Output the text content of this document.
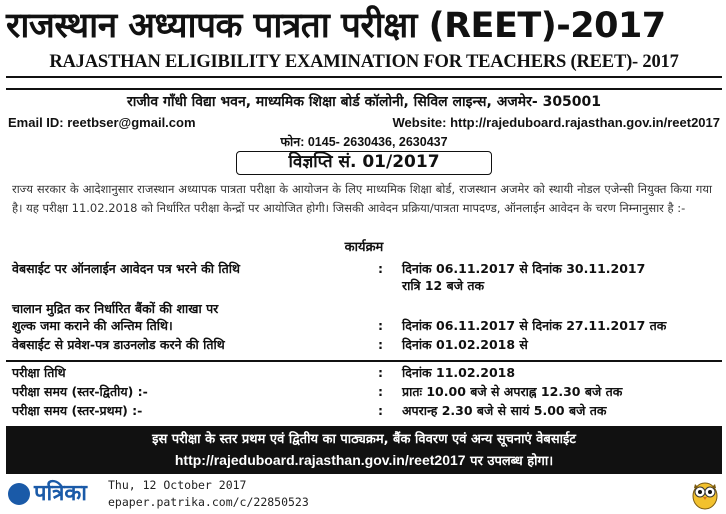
राजस्थान अध्यापक पात्रता परीक्षा (REET)-2017
RAJASTHAN ELIGIBILITY EXAMINATION FOR TEACHERS (REET)- 2017
राजीव गाँधी विद्या भवन, माध्यमिक शिक्षा बोर्ड कॉलोनी, सिविल लाइन्स, अजमेर- 305001
Email ID: reetbser@gmail.com	Website: http://rajeduboard.rajasthan.gov.in/reet2017
फोन: 0145- 2630436, 2630437
विज्ञप्ति सं. 01/2017
राज्य सरकार के आदेशानुसार राजस्थान अध्यापक पात्रता परीक्षा के आयोजन के लिए माध्यमिक शिक्षा बोर्ड, राजस्थान अजमेर को स्थायी नोडल एजेन्सी नियुक्त किया गया है। यह परीक्षा 11.02.2018 को निर्धारित परीक्षा केन्द्रों पर आयोजित होगी। जिसकी आवेदन प्रक्रिया/पात्रता मापदण्ड, ऑनलाईन आवेदन के चरण निम्नानुसार है :-
कार्यक्रम
वेबसाईट पर ऑनलाईन आवेदन पत्र भरने की तिथि	: दिनांक 06.11.2017 से दिनांक 30.11.2017
रात्रि 12 बजे तक
चालान मुद्रित कर निर्धारित बैंकों की शाखा पर
शुल्क जमा कराने की अन्तिम तिथि।	: दिनांक 06.11.2017 से दिनांक 27.11.2017 तक
वेबसाईट से प्रवेश-पत्र डाउनलोड करने की तिथि	: दिनांक 01.02.2018 से
परीक्षा तिथि	: दिनांक 11.02.2018
परीक्षा समय (स्तर-द्वितीय) :-	: प्रातः 10.00 बजे से अपराह्न 12.30 बजे तक
परीक्षा समय (स्तर-प्रथम) :-	: अपरान्ह 2.30 बजे से सायं 5.00 बजे तक
इस परीक्षा के स्तर प्रथम एवं द्वितीय का पाठ्यक्रम, बैंक विवरण एवं अन्य सूचनाएं वेबसाईट
http://rajeduboard.rajasthan.gov.in/reet2017 पर उपलब्ध होगा।
पत्रिका Thu, 12 October 2017
epaper.patrika.com/c/22850523
